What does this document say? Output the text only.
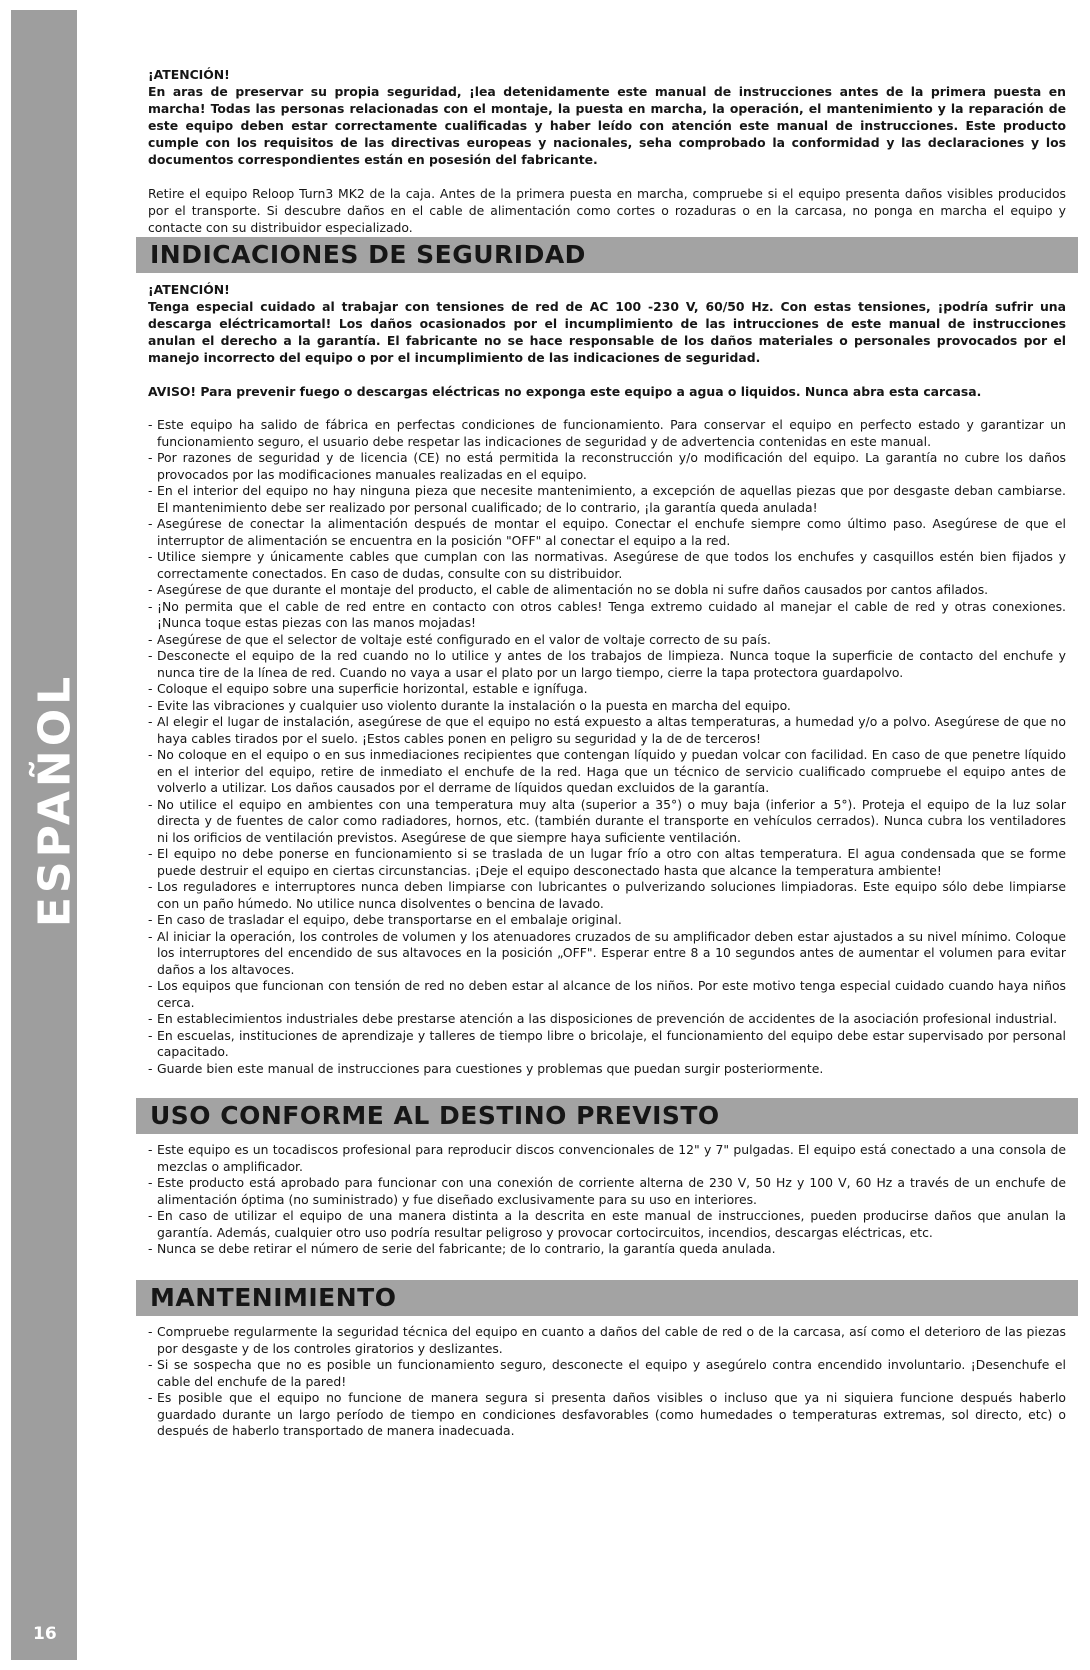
ESPAÑOL
16

¡ATENCIÓN!

En aras de preservar su propia seguridad, ¡lea detenidamente este manual de instrucciones antes de la primera puesta en marcha! Todas las personas relacionadas con el montaje, la puesta en marcha, la operación, el mantenimiento y la reparación de este equipo deben estar correctamente cualificadas y haber leído con atención este manual de instrucciones. Este producto cumple con los requisitos de las directivas europeas y nacionales, seha comprobado la conformidad y las declaraciones y los documentos correspondientes están en posesión del fabricante.

Retire el equipo Reloop Turn3 MK2 de la caja. Antes de la primera puesta en marcha, compruebe si el equipo presenta daños visibles producidos por el transporte. Si descubre daños en el cable de alimentación como cortes o rozaduras o en la carcasa, no ponga en marcha el equipo y contacte con su distribuidor especializado.

INDICACIONES DE SEGURIDAD

¡ATENCIÓN!

Tenga especial cuidado al trabajar con tensiones de red de AC 100 -230 V, 60/50 Hz. Con estas tensiones, ¡podría sufrir una descarga eléctricamortal! Los daños ocasionados por el incumplimiento de las intrucciones de este manual de instrucciones anulan el derecho a la garantía. El fabricante no se hace responsable de los daños materiales o personales provocados por el manejo incorrecto del equipo o por el incumplimiento de las indicaciones de seguridad.

AVISO! Para prevenir fuego o descargas eléctricas no exponga este equipo a agua o liquidos. Nunca abra esta carcasa.

- Este equipo ha salido de fábrica en perfectas condiciones de funcionamiento. Para conservar el equipo en perfecto estado y garantizar un funcionamiento seguro, el usuario debe respetar las indicaciones de seguridad y de advertencia contenidas en este manual.
- Por razones de seguridad y de licencia (CE) no está permitida la reconstrucción y/o modificación del equipo. La garantía no cubre los daños provocados por las modificaciones manuales realizadas en el equipo.
- En el interior del equipo no hay ninguna pieza que necesite mantenimiento, a excepción de aquellas piezas que por desgaste deban cambiarse. El mantenimiento debe ser realizado por personal cualificado; de lo contrario, ¡la garantía queda anulada!
- Asegúrese de conectar la alimentación después de montar el equipo. Conectar el enchufe siempre como último paso. Asegúrese de que el interruptor de alimentación se encuentra en la posición "OFF" al conectar el equipo a la red.
- Utilice siempre y únicamente cables que cumplan con las normativas. Asegúrese de que todos los enchufes y casquillos estén bien fijados y correctamente conectados. En caso de dudas, consulte con su distribuidor.
- Asegúrese de que durante el montaje del producto, el cable de alimentación no se dobla ni sufre daños causados por cantos afilados.
- ¡No permita que el cable de red entre en contacto con otros cables! Tenga extremo cuidado al manejar el cable de red y otras conexiones. ¡Nunca toque estas piezas con las manos mojadas!
- Asegúrese de que el selector de voltaje esté configurado en el valor de voltaje correcto de su país.
- Desconecte el equipo de la red cuando no lo utilice y antes de los trabajos de limpieza. Nunca toque la superficie de contacto del enchufe y nunca tire de la línea de red. Cuando no vaya a usar el plato por un largo tiempo, cierre la tapa protectora guardapolvo.
- Coloque el equipo sobre una superficie horizontal, estable e ignífuga.
- Evite las vibraciones y cualquier uso violento durante la instalación o la puesta en marcha del equipo.
- Al elegir el lugar de instalación, asegúrese de que el equipo no está expuesto a altas temperaturas, a humedad y/o a polvo. Asegúrese de que no haya cables tirados por el suelo. ¡Estos cables ponen en peligro su seguridad y la de de terceros!
- No coloque en el equipo o en sus inmediaciones recipientes que contengan líquido y puedan volcar con facilidad. En caso de que penetre líquido en el interior del equipo, retire de inmediato el enchufe de la red. Haga que un técnico de servicio cualificado compruebe el equipo antes de volverlo a utilizar. Los daños causados por el derrame de líquidos quedan excluidos de la garantía.
- No utilice el equipo en ambientes con una temperatura muy alta (superior a 35°) o muy baja (inferior a 5°). Proteja el equipo de la luz solar directa y de fuentes de calor como radiadores, hornos, etc. (también durante el transporte en vehículos cerrados). Nunca cubra los ventiladores ni los orificios de ventilación previstos. Asegúrese de que siempre haya suficiente ventilación.
- El equipo no debe ponerse en funcionamiento si se traslada de un lugar frío a otro con altas temperatura. El agua condensada que se forme puede destruir el equipo en ciertas circunstancias. ¡Deje el equipo desconectado hasta que alcance la temperatura ambiente!
- Los reguladores e interruptores nunca deben limpiarse con lubricantes o pulverizando soluciones limpiadoras. Este equipo sólo debe limpiarse con un paño húmedo. No utilice nunca disolventes o bencina de lavado.
- En caso de trasladar el equipo, debe transportarse en el embalaje original.
- Al iniciar la operación, los controles de volumen y los atenuadores cruzados de su amplificador deben estar ajustados a su nivel mínimo. Coloque los interruptores del encendido de sus altavoces en la posición „OFF". Esperar entre 8 a 10 segundos antes de aumentar el volumen para evitar daños a los altavoces.
- Los equipos que funcionan con tensión de red no deben estar al alcance de los niños. Por este motivo tenga especial cuidado cuando haya niños cerca.
- En establecimientos industriales debe prestarse atención a las disposiciones de prevención de accidentes de la asociación profesional industrial.
- En escuelas, instituciones de aprendizaje y talleres de tiempo libre o bricolaje, el funcionamiento del equipo debe estar supervisado por personal capacitado.
- Guarde bien este manual de instrucciones para cuestiones y problemas que puedan surgir posteriormente.
USO CONFORME AL DESTINO PREVISTO
- Este equipo es un tocadiscos profesional para reproducir discos convencionales de 12" y 7" pulgadas. El equipo está conectado a una consola de mezclas o amplificador.
- Este producto está aprobado para funcionar con una conexión de corriente alterna de 230 V, 50 Hz y 100 V, 60 Hz a través de un enchufe de alimentación óptima (no suministrado) y fue diseñado exclusivamente para su uso en interiores.
- En caso de utilizar el equipo de una manera distinta a la descrita en este manual de instrucciones, pueden producirse daños que anulan la garantía. Además, cualquier otro uso podría resultar peligroso y provocar cortocircuitos, incendios, descargas eléctricas, etc.
- Nunca se debe retirar el número de serie del fabricante; de lo contrario, la garantía queda anulada.
MANTENIMIENTO
- Compruebe regularmente la seguridad técnica del equipo en cuanto a daños del cable de red o de la carcasa, así como el deterioro de las piezas por desgaste y de los controles giratorios y deslizantes.
- Si se sospecha que no es posible un funcionamiento seguro, desconecte el equipo y asegúrelo contra encendido involuntario. ¡Desenchufe el cable del enchufe de la pared!
- Es posible que el equipo no funcione de manera segura si presenta daños visibles o incluso que ya ni siquiera funcione después haberlo guardado durante un largo período de tiempo en condiciones desfavorables (como humedades o temperaturas extremas, sol directo, etc) o después de haberlo transportado de manera inadecuada.
